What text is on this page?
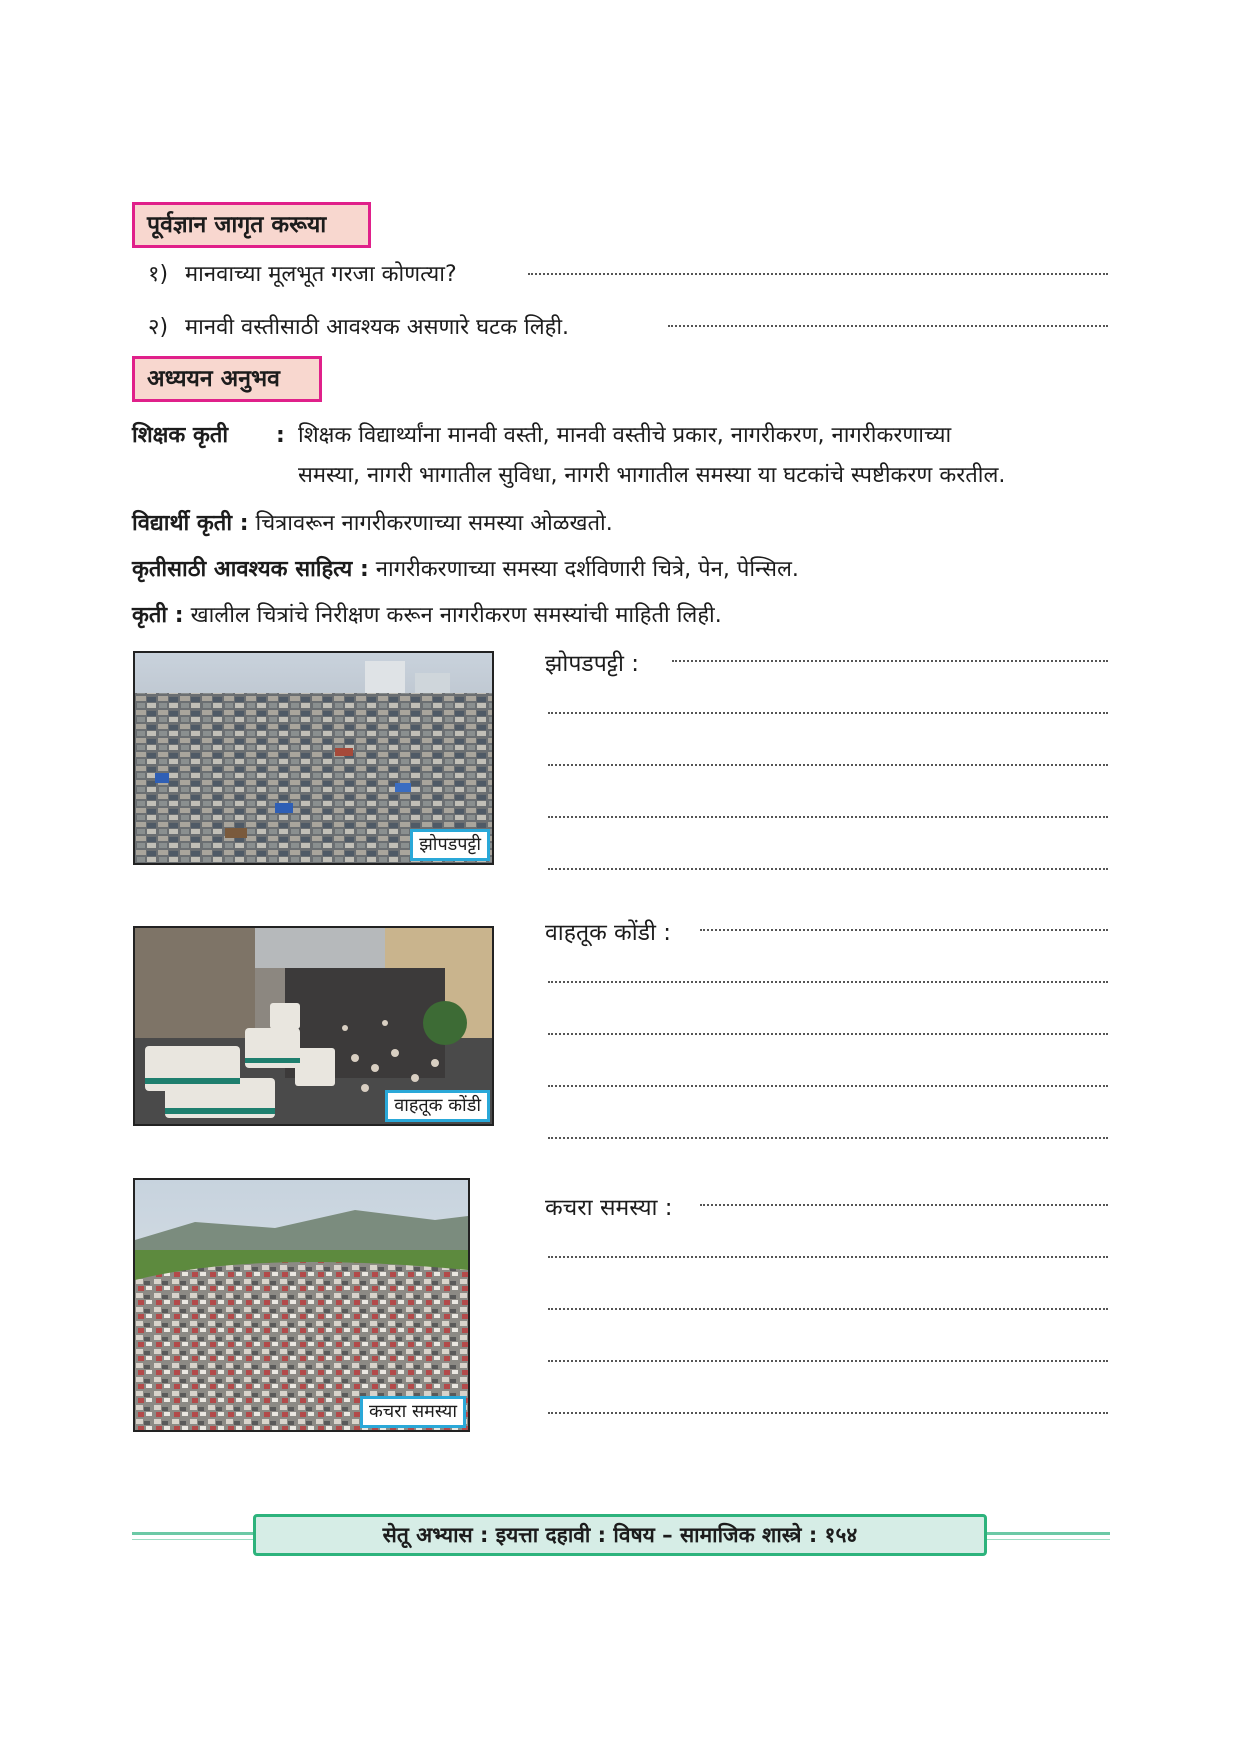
पूर्वज्ञान जागृत करूया
१) मानवाच्या मूलभूत गरजा कोणत्या?
२) मानवी वस्तीसाठी आवश्यक असणारे घटक लिही.
अध्ययन अनुभव
शिक्षक कृती : शिक्षक विद्यार्थ्यांना मानवी वस्ती, मानवी वस्तीचे प्रकार, नागरीकरण, नागरीकरणाच्या
समस्या, नागरी भागातील सुविधा, नागरी भागातील समस्या या घटकांचे स्पष्टीकरण करतील.
विद्यार्थी कृती : चित्रावरून नागरीकरणाच्या समस्या ओळखतो.
कृतीसाठी आवश्यक साहित्य : नागरीकरणाच्या समस्या दर्शविणारी चित्रे, पेन, पेन्सिल.
कृती : खालील चित्रांचे निरीक्षण करून नागरीकरण समस्यांची माहिती लिही.
झोपडपट्टी
झोपडपट्टी :
वाहतूक कोंडी
वाहतूक कोंडी :
कचरा समस्या
कचरा समस्या :
सेतू अभ्यास : इयत्ता दहावी : विषय – सामाजिक शास्त्रे : १५४
